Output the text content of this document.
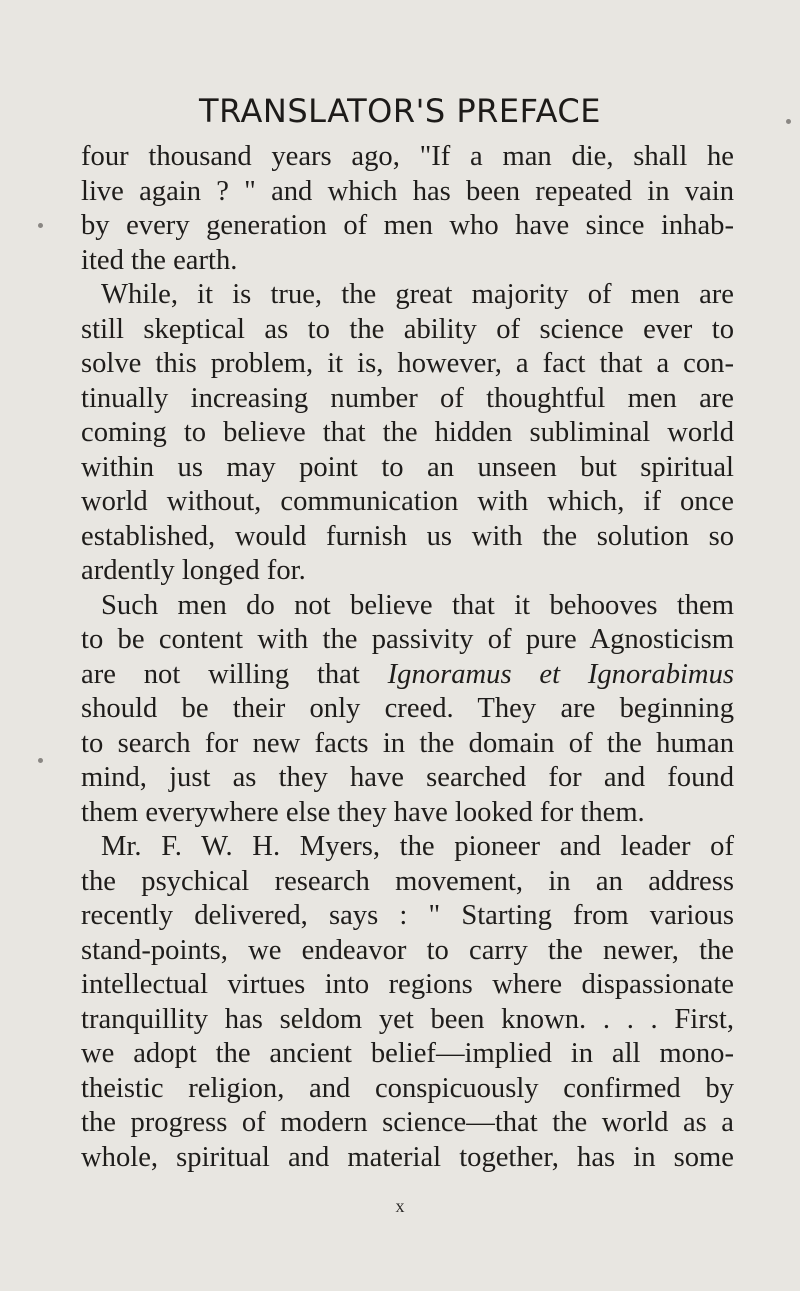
TRANSLATOR'S PREFACE
four thousand years ago, "If a man die, shall he
live again ? " and which has been repeated in vain
by every generation of men who have since inhab-
ited the earth.
While, it is true, the great majority of men are
still skeptical as to the ability of science ever to
solve this problem, it is, however, a fact that a con-
tinually increasing number of thoughtful men are
coming to believe that the hidden subliminal world
within us may point to an unseen but spiritual
world without, communication with which, if once
established, would furnish us with the solution so
ardently longed for.
Such men do not believe that it behooves them
to be content with the passivity of pure Agnosticism
are not willing that Ignoramus et Ignorabimus
should be their only creed. They are beginning
to search for new facts in the domain of the human
mind, just as they have searched for and found
them everywhere else they have looked for them.
Mr. F. W. H. Myers, the pioneer and leader of
the psychical research movement, in an address
recently delivered, says : " Starting from various
stand-points, we endeavor to carry the newer, the
intellectual virtues into regions where dispassionate
tranquillity has seldom yet been known. . . . First,
we adopt the ancient belief—implied in all mono-
theistic religion, and conspicuously confirmed by
the progress of modern science—that the world as a
whole, spiritual and material together, has in some
x
